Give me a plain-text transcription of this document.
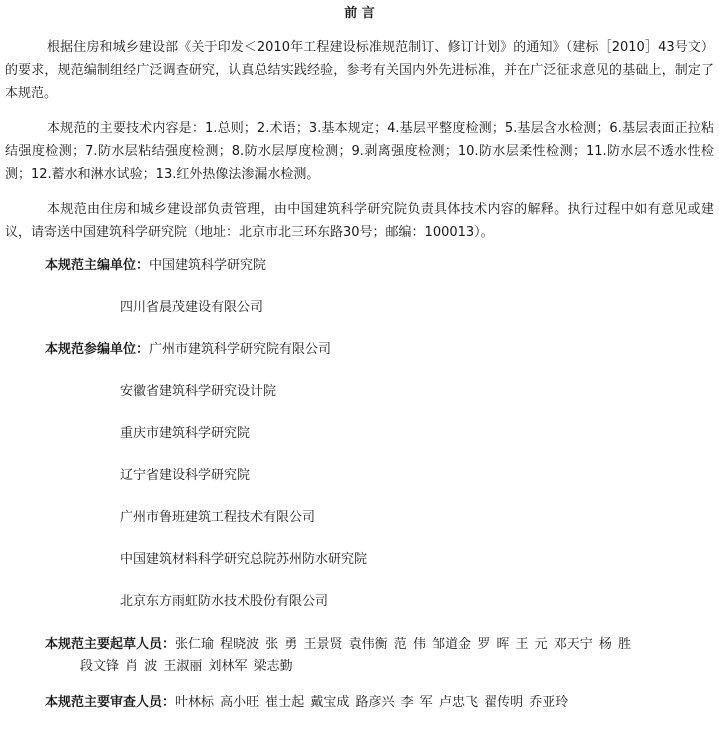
前 言

根据住房和城乡建设部《关于印发＜2010年工程建设标准规范制订、修订计划》的通知》（建标［2010］43号文）的要求，规范编制组经广泛调查研究，认真总结实践经验，参考有关国内外先进标准，并在广泛征求意见的基础上，制定了本规范。

本规范的主要技术内容是：1.总则；2.术语；3.基本规定；4.基层平整度检测；5.基层含水检测；6.基层表面正拉粘结强度检测；7.防水层粘结强度检测；8.防水层厚度检测；9.剥离强度检测；10.防水层柔性检测；11.防水层不透水性检测；12.蓄水和淋水试验；13.红外热像法渗漏水检测。

本规范由住房和城乡建设部负责管理，由中国建筑科学研究院负责具体技术内容的解释。执行过程中如有意见或建议，请寄送中国建筑科学研究院（地址：北京市北三环东路30号；邮编：100013）。

本规范主编单位：中国建筑科学研究院
四川省晨茂建设有限公司
本规范参编单位：广州市建筑科学研究院有限公司
安徽省建筑科学研究设计院
重庆市建筑科学研究院
辽宁省建设科学研究院
广州市鲁班建筑工程技术有限公司
中国建筑材料科学研究总院苏州防水研究院
北京东方雨虹防水技术股份有限公司
本规范主要起草人员：张仁瑜 程晓波 张 勇 王景贤 袁伟衡 范 伟 邹道金 罗 晖 王 元 邓天宁 杨 胜
段文锋 肖 波 王淑丽 刘林军 梁志勤
本规范主要审查人员：叶林标 高小旺 崔士起 戴宝成 路彦兴 李 军 卢忠飞 翟传明 乔亚玲
